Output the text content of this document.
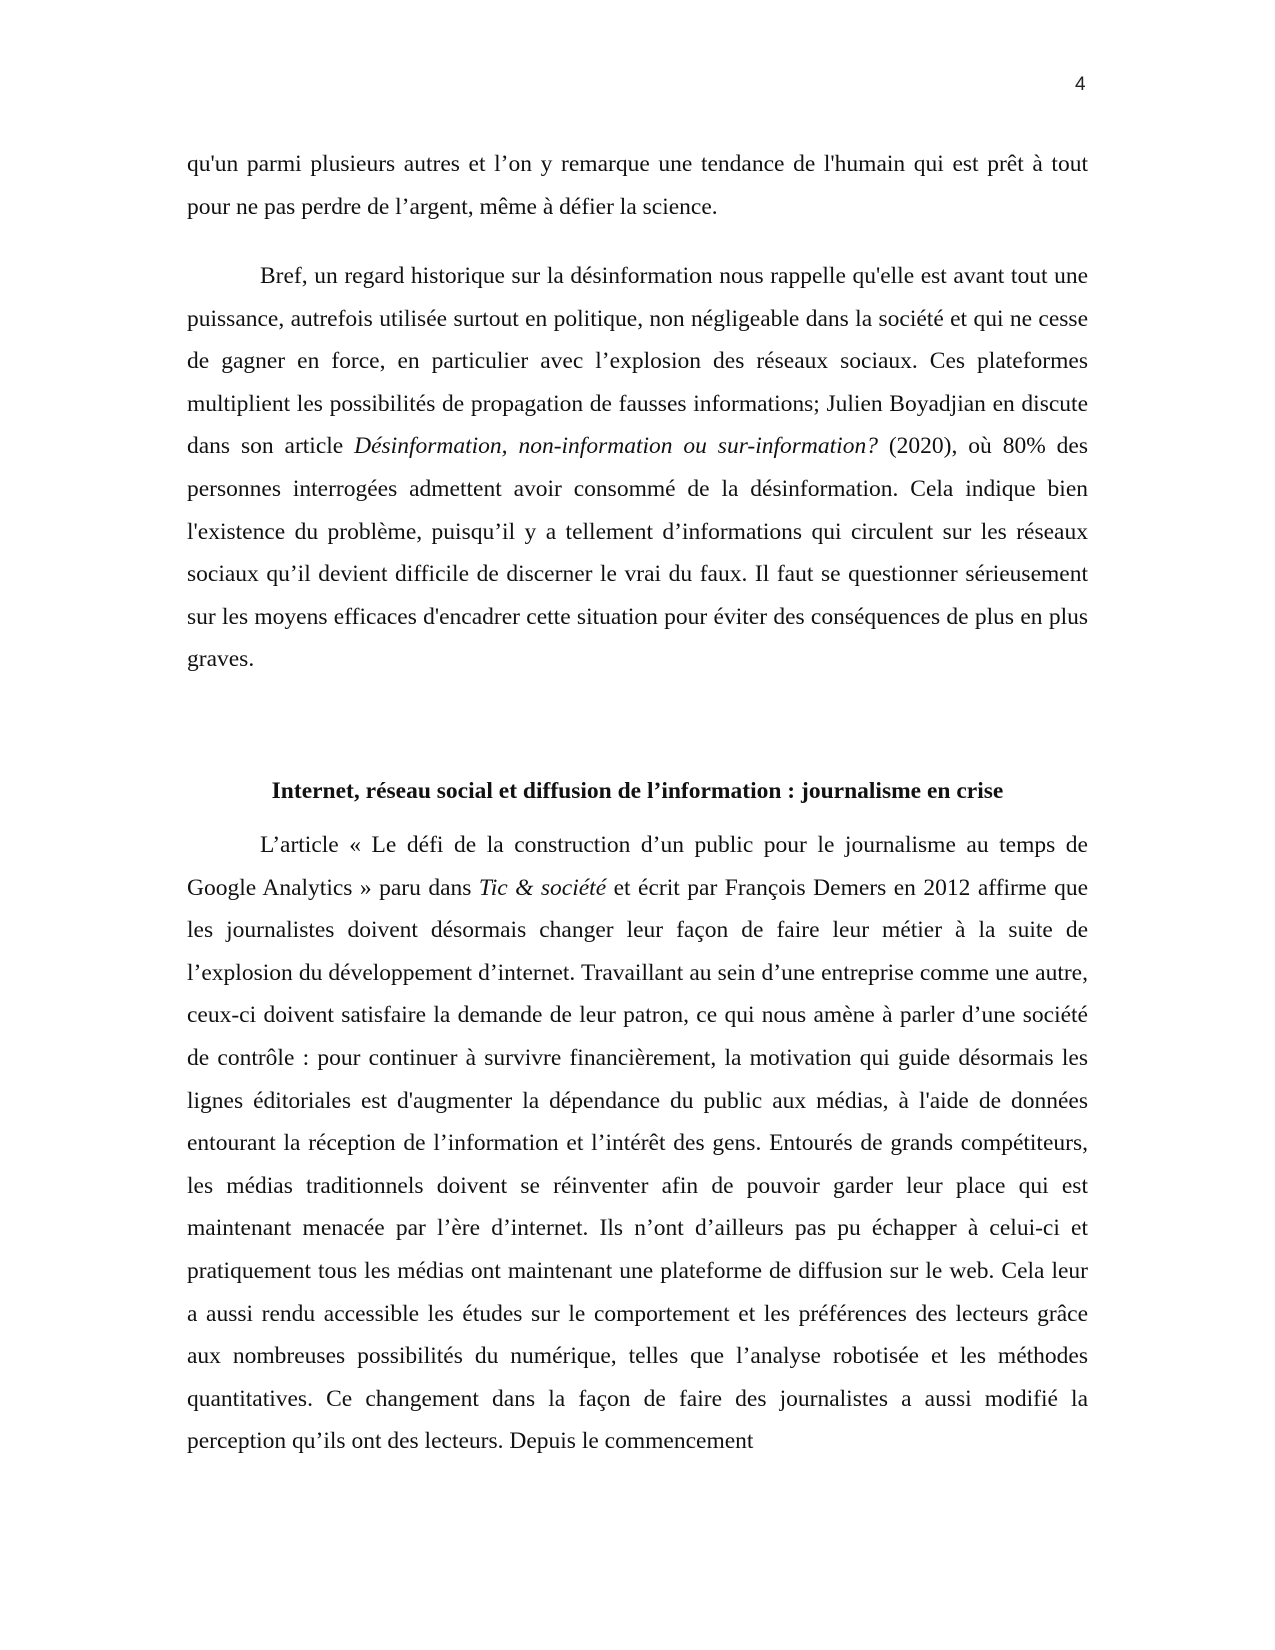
4

qu'un parmi plusieurs autres et l’on y remarque une tendance de l'humain qui est prêt à tout pour ne pas perdre de l’argent, même à défier la science.

Bref, un regard historique sur la désinformation nous rappelle qu'elle est avant tout une puissance, autrefois utilisée surtout en politique, non négligeable dans la société et qui ne cesse de gagner en force, en particulier avec l’explosion des réseaux sociaux. Ces plateformes multiplient les possibilités de propagation de fausses informations; Julien Boyadjian en discute dans son article Désinformation, non-information ou sur-information? (2020), où 80% des personnes interrogées admettent avoir consommé de la désinformation. Cela indique bien l'existence du problème, puisqu’il y a tellement d’informations qui circulent sur les réseaux sociaux qu’il devient difficile de discerner le vrai du faux. Il faut se questionner sérieusement sur les moyens efficaces d'encadrer cette situation pour éviter des conséquences de plus en plus graves.

Internet, réseau social et diffusion de l’information : journalisme en crise

L’article « Le défi de la construction d’un public pour le journalisme au temps de Google Analytics » paru dans Tic & société et écrit par François Demers en 2012 affirme que les journalistes doivent désormais changer leur façon de faire leur métier à la suite de l’explosion du développement d’internet. Travaillant au sein d’une entreprise comme une autre, ceux-ci doivent satisfaire la demande de leur patron, ce qui nous amène à parler d’une société de contrôle : pour continuer à survivre financièrement, la motivation qui guide désormais les lignes éditoriales est d'augmenter la dépendance du public aux médias, à l'aide de données entourant la réception de l’information et l’intérêt des gens. Entourés de grands compétiteurs, les médias traditionnels doivent se réinventer afin de pouvoir garder leur place qui est maintenant menacée par l’ère d’internet. Ils n’ont d’ailleurs pas pu échapper à celui-ci et pratiquement tous les médias ont maintenant une plateforme de diffusion sur le web. Cela leur a aussi rendu accessible les études sur le comportement et les préférences des lecteurs grâce aux nombreuses possibilités du numérique, telles que l’analyse robotisée et les méthodes quantitatives. Ce changement dans la façon de faire des journalistes a aussi modifié la perception qu’ils ont des lecteurs. Depuis le commencement
